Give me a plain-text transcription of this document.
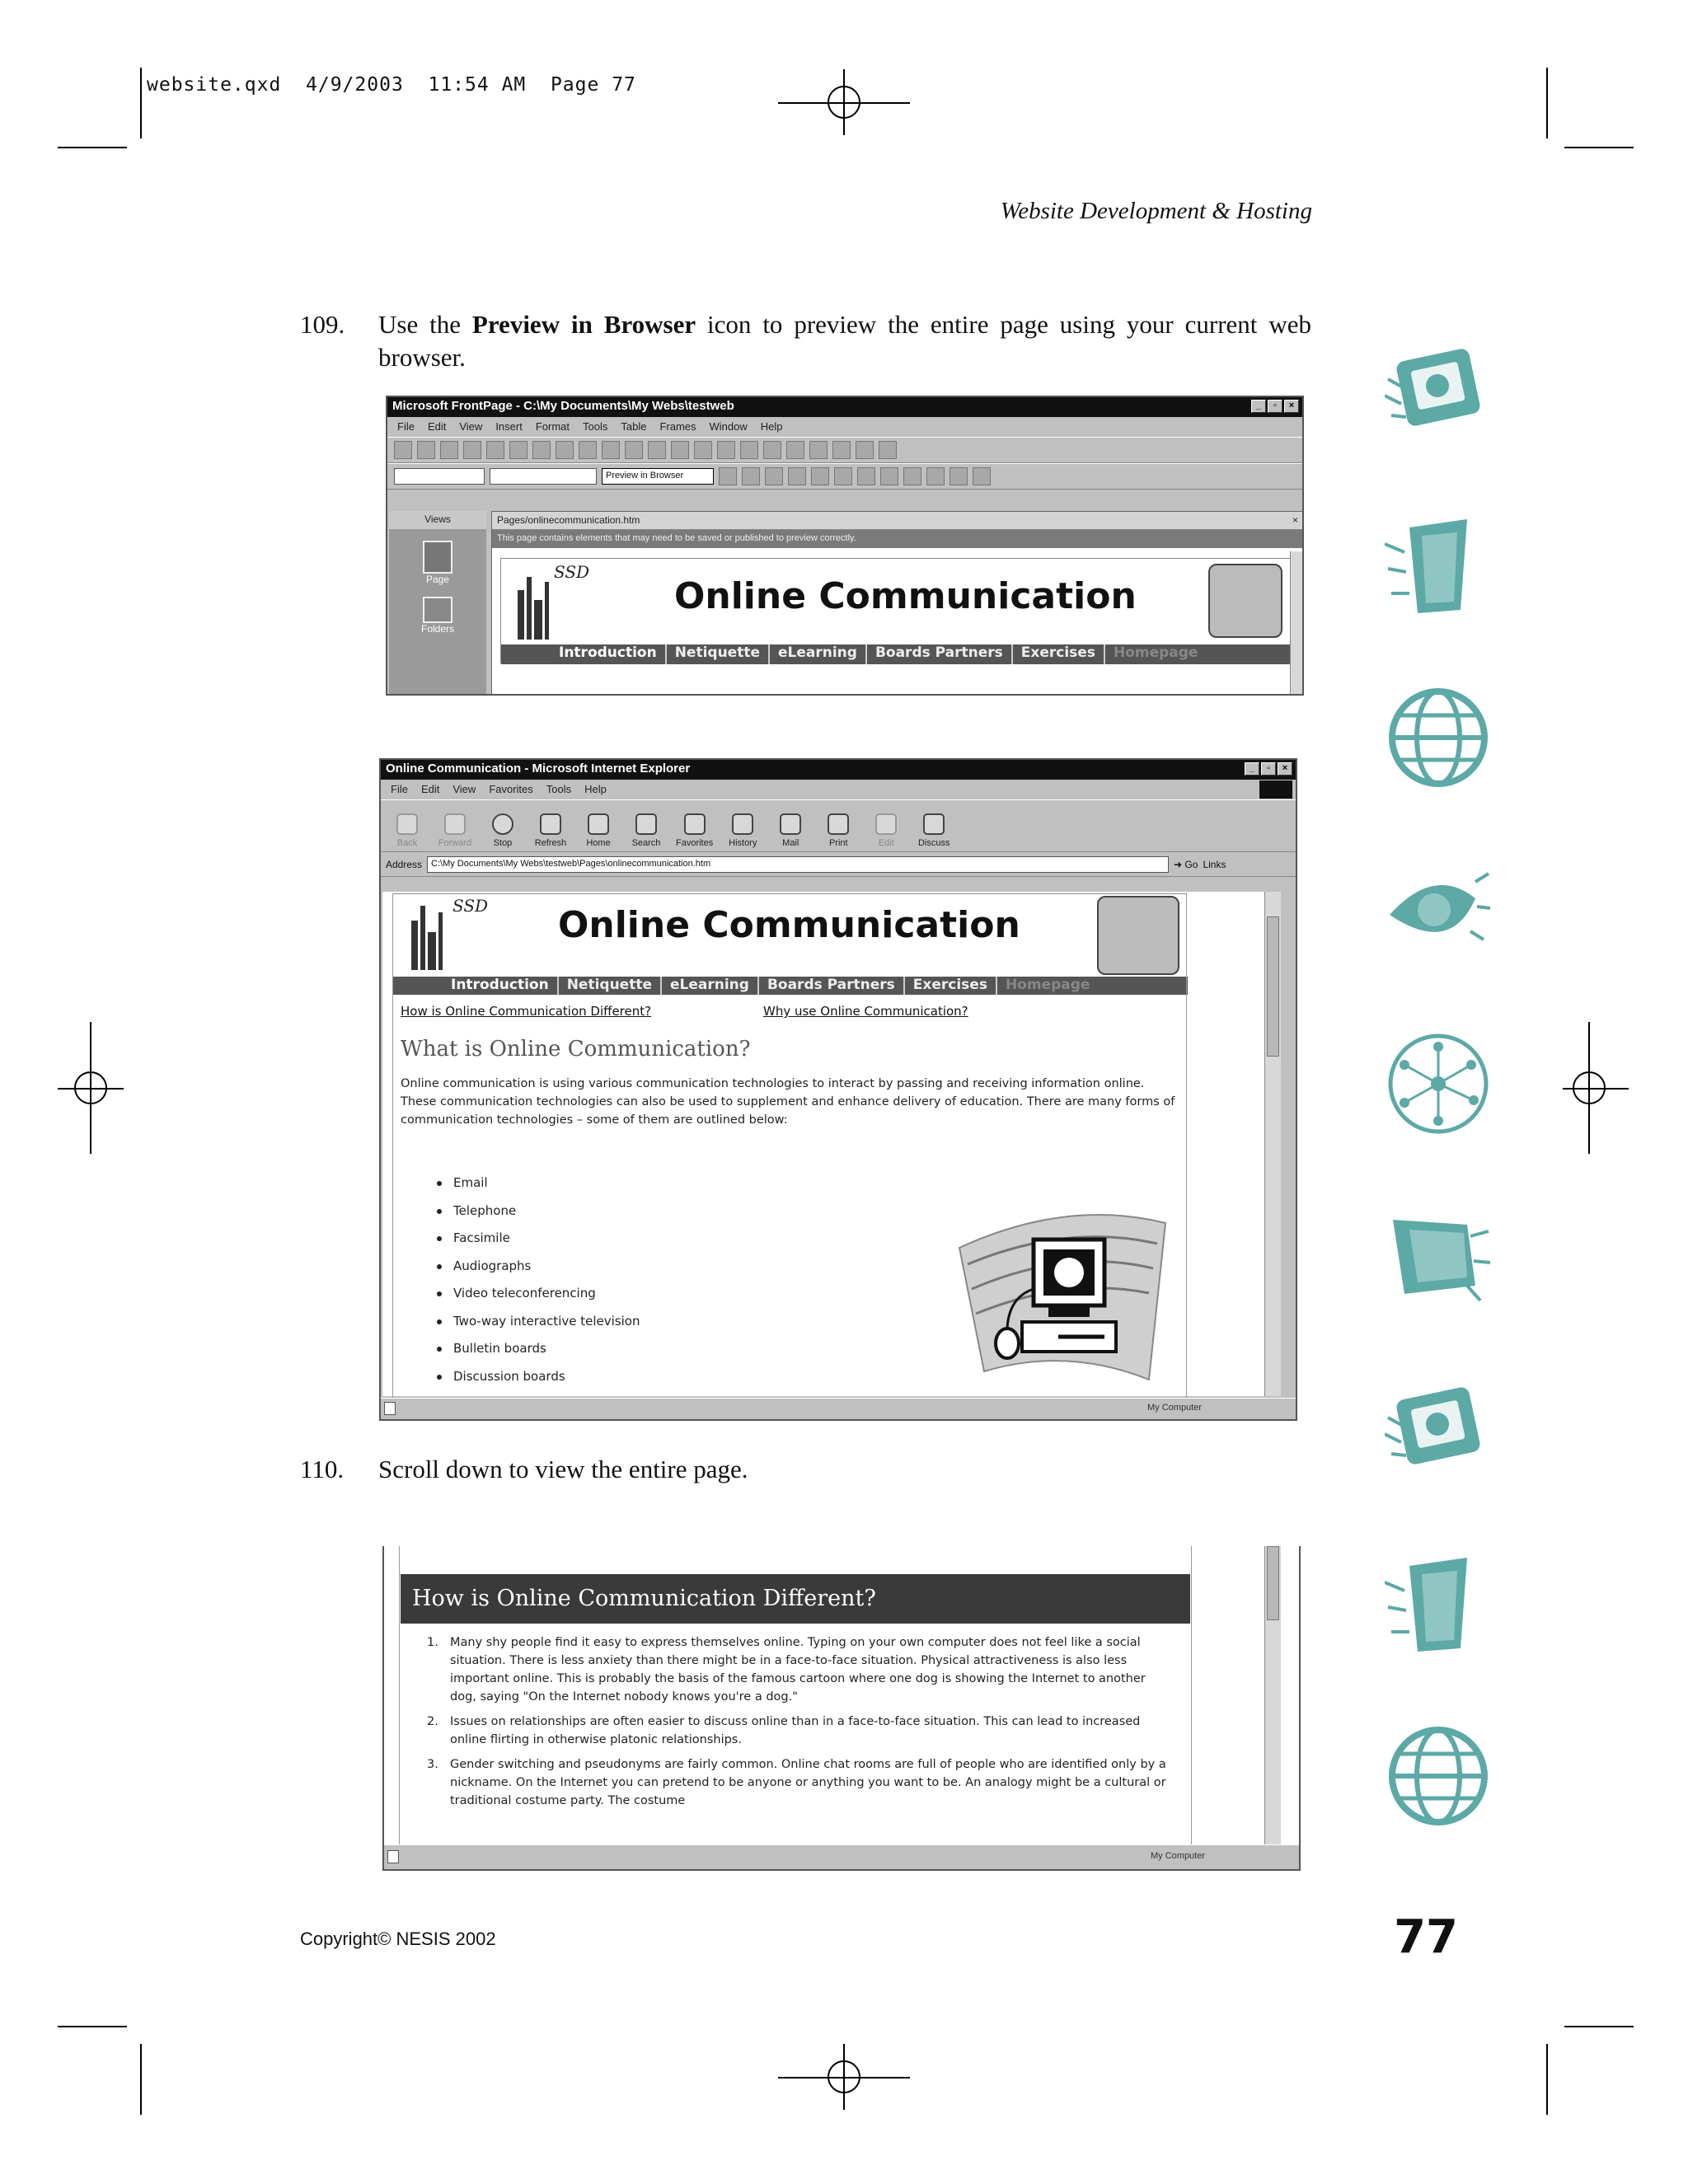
website.qxd  4/9/2003  11:54 AM  Page 77
Website Development & Hosting
109. Use the Preview in Browser icon to preview the entire page using your current web browser.
Microsoft FrontPage - C:\My Documents\My Webs\testweb	_	▫	×
File Edit View Insert Format Tools Table Frames Window Help
Preview in Browser
Views
Page
Folders
Pages/onlinecommunication.htm	×
This page contains elements that may need to be saved or published to preview correctly.
SSD
Online Communication
Introduction	Netiquette	eLearning	Boards Partners	Exercises	Homepage
Online Communication - Microsoft Internet Explorer	_	▫	×
File Edit View Favorites Tools Help
Back Forward Stop Refresh Home Search Favorites History	Mail	Print	Edit	Discuss
Address	C:\My Documents\My Webs\testweb\Pages\onlinecommunication.htm	➜ Go Links
SSD Online Communication
Introduction	Netiquette	eLearning	Boards Partners	Exercises	Homepage
How is Online Communication Different?	Why use Online Communication?
What is Online Communication?
Online communication is using various communication technologies to interact by passing and receiving information online. These communication technologies can also be used to supplement and enhance delivery of education. There are many forms of communication technologies – some of them are outlined below:
Email
Telephone
Facsimile
Audiographs
Video teleconferencing
Two-way interactive television
Bulletin boards
Discussion boards
My Computer
110. Scroll down to view the entire page.
How is Online Communication Different?
1. Many shy people find it easy to express themselves online. Typing on your own computer does not feel like a social situation. There is less anxiety than there might be in a face-to-face situation. Physical attractiveness is also less important online. This is probably the basis of the famous cartoon where one dog is showing the Internet to another dog, saying "On the Internet nobody knows you're a dog."
2. Issues on relationships are often easier to discuss online than in a face-to-face situation. This can lead to increased online flirting in otherwise platonic relationships.
3. Gender switching and pseudonyms are fairly common. Online chat rooms are full of people who are identified only by a nickname. On the Internet you can pretend to be anyone or anything you want to be. An analogy might be a cultural or traditional costume party. The costume
My Computer
Copyright© NESIS 2002	77
